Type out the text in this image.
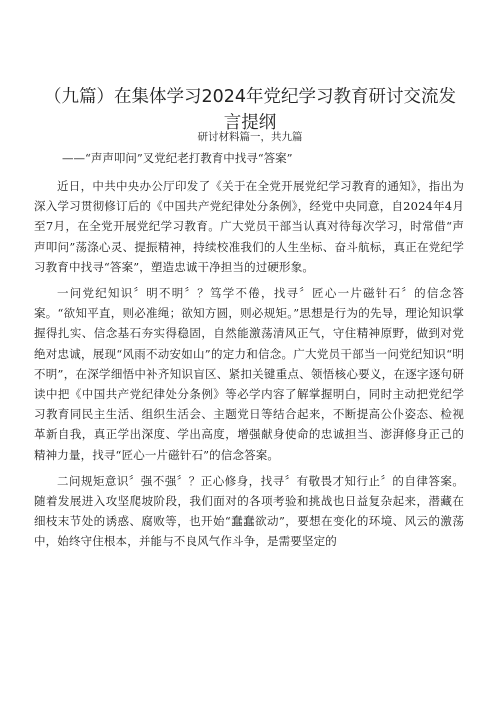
（九篇）在集体学习2024年党纪学习教育研讨交流发言提纲
研讨材料篇一，共九篇
——“声声叩问”叉党纪老打教育中找寻“答案”

近日，中共中央办公厅印发了《关于在全党开展党纪学习教育的通知》，指出为深入学习贯彻修订后的《中国共产党纪律处分条例》，经党中央同意，自2024年4月至7月，在全党开展党纪学习教育。广大党员干部当认真对待每次学习，时常借“声声叩问”荡涤心灵、提振精神，持续校准我们的人生坐标、奋斗航标，真正在党纪学习教育中找寻“答案”，塑造忠诚干净担当的过硬形象。

一问党纪知识〞明不明〞？笃学不倦，找寻〞匠心一片磁针石〞的信念答案。“欲知平直，则必准绳；欲知方圆，则必规矩。”思想是行为的先导，理论知识掌握得扎实、信念基石夯实得稳固，自然能激荡清风正气，守住精神原野，做到对党绝对忠诚，展现“风雨不动安如山”的定力和信念。广大党员干部当一问党纪知识“明不明”，在深学细悟中补齐知识盲区、紧扣关键重点、领悟核心要义，在逐字逐句研读中把《中国共产党纪律处分条例》等必学内容了解掌握明白，同时主动把党纪学习教育同民主生活、组织生活会、主题党日等结合起来，不断提高公仆姿态、检视革新自我，真正学出深度、学出高度，增强献身使命的忠诚担当、澎湃修身正己的精神力量，找寻“匠心一片磁针石”的信念答案。

二问规矩意识〞强不强〞？正心修身，找寻〞有敬畏才知行止〞的自律答案。随着发展进入攻坚爬坡阶段，我们面对的各项考验和挑战也日益复杂起来，潜藏在细枝末节处的诱惑、腐败等，也开始“蠢蠢欲动”，要想在变化的环境、风云的激荡中，始终守住根本，并能与不良风气作斗争，是需要坚定的
